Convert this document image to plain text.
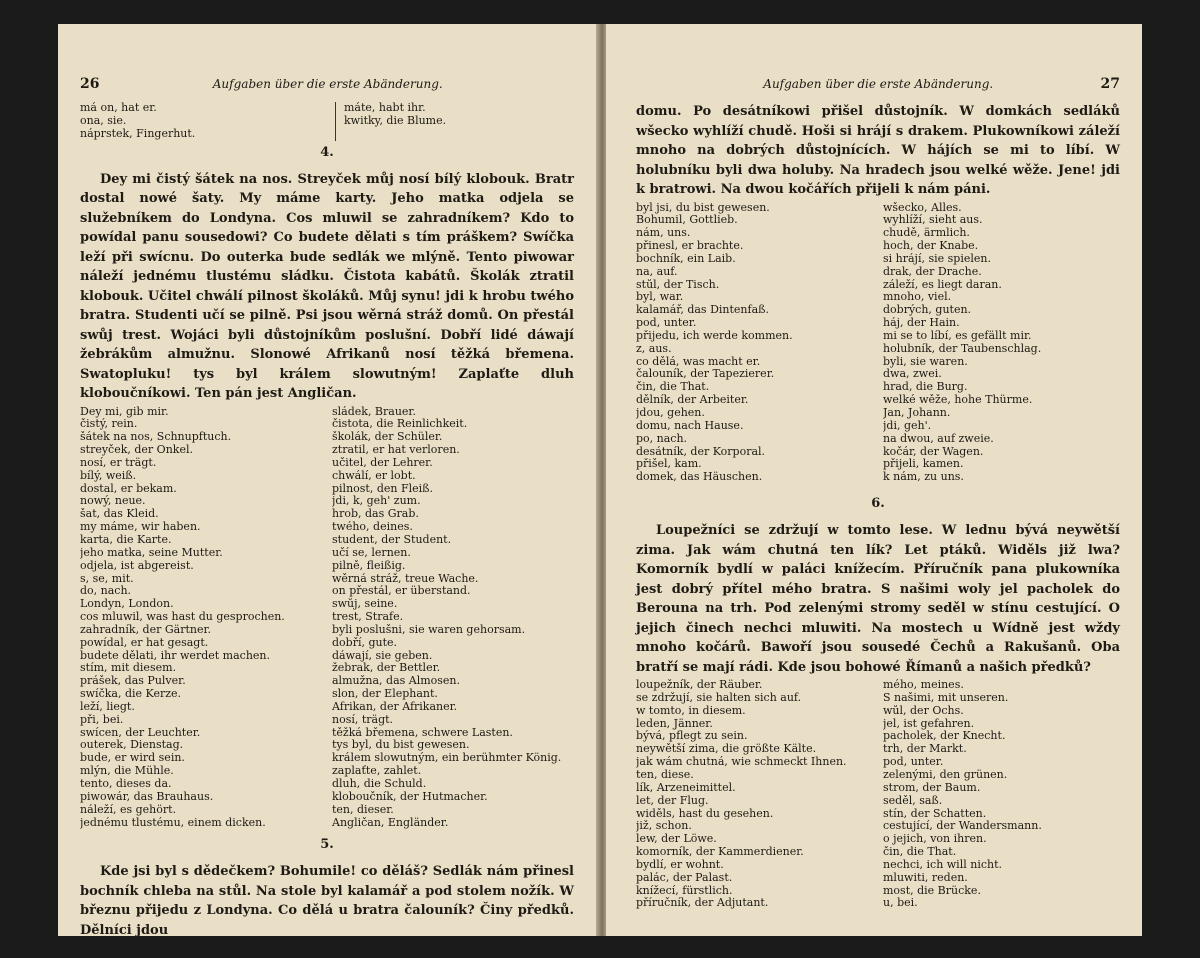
26	Aufgaben über die erste Abänderung.
má on, hat er.
ona, sie.
náprstek, Fingerhut.
máte, habt ihr.
kwitky, die Blume.
4.

Dey mi čistý šátek na nos. Streyček můj nosí bílý klobouk. Bratr dostal nowé šaty. My máme karty. Jeho matka odjela se služebníkem do Londyna. Cos mluwil se zahradníkem? Kdo to powídal panu sousedowi? Co budete dělati s tím práškem? Swíčka leží při swícnu. Do outerka bude sedlák we mlýně. Tento piwowar náleží jednému tlustému sládku. Čistota kabátů. Školák ztratil klobouk. Učitel chwálí pilnost školáků. Můj synu! jdi k hrobu twého bratra. Studenti učí se pilně. Psi jsou wěrná stráž domů. On přestál swůj trest. Wojáci byli důstojníkům poslušní. Dobří lidé dáwají žebrákům almužnu. Slonowé Afrikanů nosí těžká břemena. Swatopluku! tys byl králem slowutným! Zaplaťte dluh kloboučníkowi. Ten pán jest Angličan.

Dey mi, gib mir.
čistý, rein.
šátek na nos, Schnupftuch.
streyček, der Onkel.
nosí, er trägt.
bílý, weiß.
dostal, er bekam.
nowý, neue.
šat, das Kleid.
my máme, wir haben.
karta, die Karte.
jeho matka, seine Mutter.
odjela, ist abgereist.
s, se, mit.
do, nach.
Londyn, London.
cos mluwil, was hast du gesprochen.
zahradník, der Gärtner.
powídal, er hat gesagt.
budete dělati, ihr werdet machen.
stím, mit diesem.
prášek, das Pulver.
swíčka, die Kerze.
leží, liegt.
při, bei.
swícen, der Leuchter.
outerek, Dienstag.
bude, er wird sein.
mlýn, die Mühle.
tento, dieses da.
piwowár, das Brauhaus.
náleží, es gehört.
jednému tlustému, einem dicken.
sládek, Brauer.
čistota, die Reinlichkeit.
školák, der Schüler.
ztratil, er hat verloren.
učitel, der Lehrer.
chwálí, er lobt.
pilnost, den Fleiß.
jdi, k, geh' zum.
hrob, das Grab.
twého, deines.
student, der Student.
učí se, lernen.
pilně, fleißig.
wěrná stráž, treue Wache.
on přestál, er überstand.
swůj, seine.
trest, Strafe.
byli poslušni, sie waren gehorsam.
dobří, gute.
dáwají, sie geben.
žebrak, der Bettler.
almužna, das Almosen.
slon, der Elephant.
Afrikan, der Afrikaner.
nosí, trägt.
těžká břemena, schwere Lasten.
tys byl, du bist gewesen.
králem slowutným, ein berühmter König.
zaplaťte, zahlet.
dluh, die Schuld.
kloboučník, der Hutmacher.
ten, dieser.
Angličan, Engländer.
5.

Kde jsi byl s dědečkem? Bohumile! co děláš? Sedlák nám přinesl bochník chleba na stůl. Na stole byl kalamář a pod stolem nožík. W březnu přijedu z Londyna. Co dělá u bratra čalouník? Činy předků. Dělníci jdou

Aufgaben über die erste Abänderung.	27

domu. Po desátníkowi přišel důstojník. W domkách sedláků wšecko wyhlíží chudě. Hoši si hrájí s drakem. Plukowníkowi záleží mnoho na dobrých důstojnících. W hájích se mi to líbí. W holubníku byli dwa holuby. Na hradech jsou welké wěže. Jene! jdi k bratrowi. Na dwou kočářích přijeli k nám páni.

byl jsi, du bist gewesen.
Bohumil, Gottlieb.
nám, uns.
přinesl, er brachte.
bochník, ein Laib.
na, auf.
stůl, der Tisch.
byl, war.
kalamář, das Dintenfaß.
pod, unter.
přijedu, ich werde kommen.
z, aus.
co dělá, was macht er.
čalouník, der Tapezierer.
čin, die That.
dělník, der Arbeiter.
jdou, gehen.
domu, nach Hause.
po, nach.
desátník, der Korporal.
přišel, kam.
domek, das Häuschen.
wšecko, Alles.
wyhlíží, sieht aus.
chudě, ärmlich.
hoch, der Knabe.
si hrájí, sie spielen.
drak, der Drache.
záleží, es liegt daran.
mnoho, viel.
dobrých, guten.
háj, der Hain.
mi se to líbí, es gefällt mir.
holubník, der Taubenschlag.
byli, sie waren.
dwa, zwei.
hrad, die Burg.
welké wěže, hohe Thürme.
Jan, Johann.
jdi, geh'.
na dwou, auf zweie.
kočár, der Wagen.
přijeli, kamen.
k nám, zu uns.
6.

Loupežníci se zdržují w tomto lese. W lednu bývá neywětší zima. Jak wám chutná ten lík? Let ptáků. Widěls již lwa? Komorník bydlí w paláci knížecím. Příručník pana plukowníka jest dobrý přítel mého bratra. S našimi woly jel pacholek do Berouna na trh. Pod zelenými stromy seděl w stínu cestující. O jejich činech nechci mluwiti. Na mostech u Wídně jest wždy mnoho kočárů. Bawoří jsou sousedé Čechů a Rakušanů. Oba bratří se mají rádi. Kde jsou bohowé Římanů a našich předků?

loupežník, der Räuber.
se zdržují, sie halten sich auf.
w tomto, in diesem.
leden, Jänner.
bývá, pflegt zu sein.
neywětší zima, die größte Kälte.
jak wám chutná, wie schmeckt Ihnen.
ten, diese.
lík, Arzeneimittel.
let, der Flug.
widěls, hast du gesehen.
již, schon.
lew, der Löwe.
komorník, der Kammerdiener.
bydlí, er wohnt.
palác, der Palast.
knížecí, fürstlich.
příručník, der Adjutant.
mého, meines.
S našimi, mit unseren.
wůl, der Ochs.
jel, ist gefahren.
pacholek, der Knecht.
trh, der Markt.
pod, unter.
zelenými, den grünen.
strom, der Baum.
seděl, saß.
stín, der Schatten.
cestující, der Wandersmann.
o jejich, von ihren.
čin, die That.
nechci, ich will nicht.
mluwiti, reden.
most, die Brücke.
u, bei.
